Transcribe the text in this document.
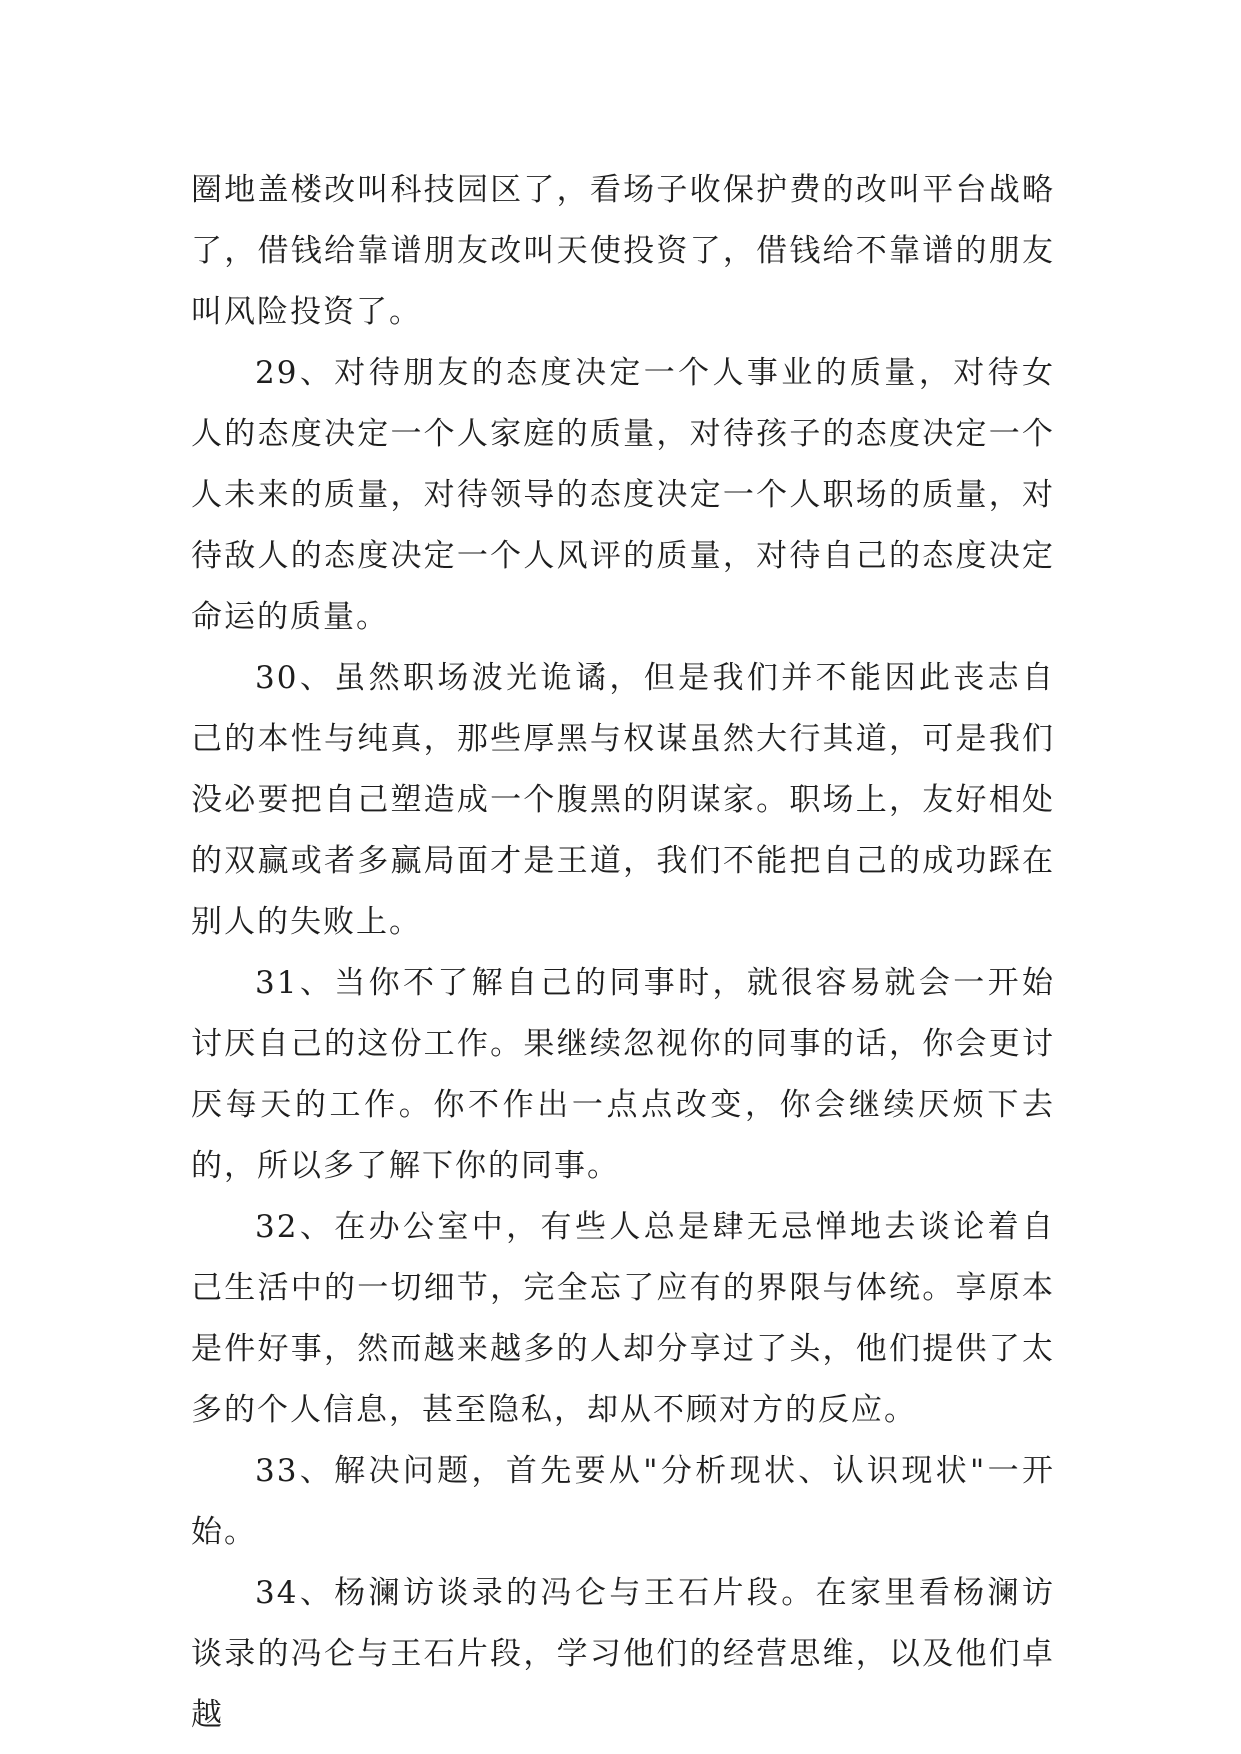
圈地盖楼改叫科技园区了，看场子收保护费的改叫平台战略了，借钱给靠谱朋友改叫天使投资了，借钱给不靠谱的朋友叫风险投资了。

29、对待朋友的态度决定一个人事业的质量，对待女人的态度决定一个人家庭的质量，对待孩子的态度决定一个人未来的质量，对待领导的态度决定一个人职场的质量，对待敌人的态度决定一个人风评的质量，对待自己的态度决定命运的质量。

30、虽然职场波光诡谲，但是我们并不能因此丧志自己的本性与纯真，那些厚黑与权谋虽然大行其道，可是我们没必要把自己塑造成一个腹黑的阴谋家。职场上，友好相处的双赢或者多赢局面才是王道，我们不能把自己的成功踩在别人的失败上。

31、当你不了解自己的同事时，就很容易就会一开始讨厌自己的这份工作。果继续忽视你的同事的话，你会更讨厌每天的工作。你不作出一点点改变，你会继续厌烦下去的，所以多了解下你的同事。

32、在办公室中，有些人总是肆无忌惮地去谈论着自己生活中的一切细节，完全忘了应有的界限与体统。享原本是件好事，然而越来越多的人却分享过了头，他们提供了太多的个人信息，甚至隐私，却从不顾对方的反应。

33、解决问题，首先要从"分析现状、认识现状"一开始。

34、杨澜访谈录的冯仑与王石片段。在家里看杨澜访谈录的冯仑与王石片段，学习他们的经营思维，以及他们卓越
